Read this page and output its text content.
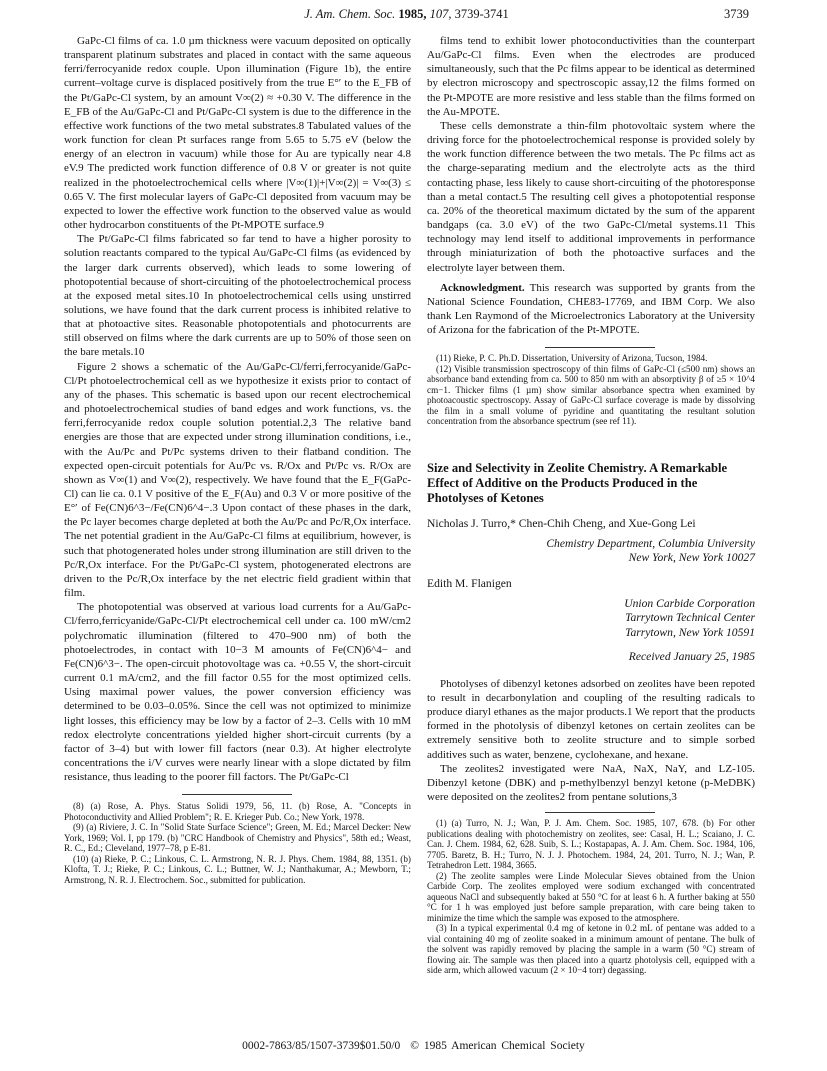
J. Am. Chem. Soc. 1985, 107, 3739-3741	3739

GaPc-Cl films of ca. 1.0 µm thickness were vacuum deposited on optically transparent platinum substrates and placed in contact with the same aqueous ferri/ferrocyanide redox couple. Upon illumination (Figure 1b), the entire current–voltage curve is displaced positively from the true E°′ to the E_FB of the Pt/GaPc-Cl system, by an amount V∞(2) ≈ +0.30 V. The difference in the E_FB of the Au/GaPc-Cl and Pt/GaPc-Cl system is due to the difference in the effective work functions of the two metal substrates.8 Tabulated values of the work function for clean Pt surfaces range from 5.65 to 5.75 eV (below the energy of an electron in vacuum) while those for Au are typically near 4.8 eV.9 The predicted work function difference of 0.8 V or greater is not quite realized in the photoelectrochemical cells where |V∞(1)|+|V∞(2)| = V∞(3) ≤ 0.65 V. The first molecular layers of GaPc-Cl deposited from vacuum may be expected to lower the effective work function to the observed value as would other hydrocarbon constituents of the Pt-MPOTE surface.9

The Pt/GaPc-Cl films fabricated so far tend to have a higher porosity to solution reactants compared to the typical Au/GaPc-Cl films (as evidenced by the larger dark currents observed), which leads to some lowering of photopotential because of short-circuiting of the photoelectrochemical process at the exposed metal sites.10 In photoelectrochemical cells using unstirred solutions, we have found that the dark current process is inhibited relative to that at photoactive sites. Reasonable photopotentials and photocurrents are still observed on films where the dark currents are up to 50% of those seen on the bare metals.10

Figure 2 shows a schematic of the Au/GaPc-Cl/ferri,ferrocyanide/GaPc-Cl/Pt photoelectrochemical cell as we hypothesize it exists prior to contact of any of the phases. This schematic is based upon our recent electrochemical and photoelectrochemical studies of band edges and work functions, vs. the ferri,ferrocyanide redox couple solution potential.2,3 The relative band energies are those that are expected under strong illumination conditions, i.e., with the Au/Pc and Pt/Pc systems driven to their flatband condition. The expected open-circuit potentials for Au/Pc vs. R/Ox and Pt/Pc vs. R/Ox are shown as V∞(1) and V∞(2), respectively. We have found that the E_F(GaPc-Cl) can lie ca. 0.1 V positive of the E_F(Au) and 0.3 V or more positive of the E°′ of Fe(CN)6^3−/Fe(CN)6^4−.3 Upon contact of these phases in the dark, the Pc layer becomes charge depleted at both the Au/Pc and Pc/R,Ox interface. The net potential gradient in the Au/GaPc-Cl films at equilibrium, however, is such that photogenerated holes under strong illumination are still driven to the Pc/R,Ox interface. For the Pt/GaPc-Cl system, photogenerated electrons are driven to the Pc/R,Ox interface by the net electric field gradient within that film.

The photopotential was observed at various load currents for a Au/GaPc-Cl/ferro,ferricyanide/GaPc-Cl/Pt electrochemical cell under ca. 100 mW/cm2 polychromatic illumination (filtered to 470–900 nm) of both the photoelectrodes, in contact with 10−3 M amounts of Fe(CN)6^4− and Fe(CN)6^3−. The open-circuit photovoltage was ca. +0.55 V, the short-circuit current 0.1 mA/cm2, and the fill factor 0.55 for the most optimized cells. Using maximal power values, the power conversion efficiency was determined to be 0.03–0.05%. Since the cell was not optimized to minimize light losses, this efficiency may be low by a factor of 2–3. Cells with 10 mM redox electrolyte concentrations yielded higher short-circuit currents (by a factor of 3–4) but with lower fill factors (near 0.3). At higher electrolyte concentrations the i/V curves were nearly linear with a slope dictated by film resistance, thus leading to the poorer fill factors. The Pt/GaPc-Cl

(8) (a) Rose, A. Phys. Status Solidi 1979, 56, 11. (b) Rose, A. "Concepts in Photoconductivity and Allied Problem"; R. E. Krieger Pub. Co.; New York, 1978.

(9) (a) Riviere, J. C. In "Solid State Surface Science"; Green, M. Ed.; Marcel Decker: New York, 1969; Vol. I, pp 179. (b) "CRC Handbook of Chemistry and Physics", 58th ed.; Weast, R. C., Ed.; Cleveland, 1977–78, p E-81.

(10) (a) Rieke, P. C.; Linkous, C. L. Armstrong, N. R. J. Phys. Chem. 1984, 88, 1351. (b) Klofta, T. J.; Rieke, P. C.; Linkous, C. L.; Buttner, W. J.; Nanthakumar, A.; Mewborn, T.; Armstrong, N. R. J. Electrochem. Soc., submitted for publication.

films tend to exhibit lower photoconductivities than the counterpart Au/GaPc-Cl films. Even when the electrodes are produced simultaneously, such that the Pc films appear to be identical as determined by electron microscopy and spectroscopic assay,12 the films formed on the Pt-MPOTE are more resistive and less stable than the films formed on the Au-MPOTE.

These cells demonstrate a thin-film photovoltaic system where the driving force for the photoelectrochemical response is provided solely by the work function difference between the two metals. The Pc films act as the charge-separating medium and the electrolyte acts as the third contacting phase, less likely to cause short-circuiting of the photoresponse than a metal contact.5 The resulting cell gives a photopotential response ca. 20% of the theoretical maximum dictated by the sum of the apparent bandgaps (ca. 3.0 eV) of the two GaPc-Cl/metal systems.11 This technology may lend itself to additional improvements in performance through miniaturization of both the photoactive surfaces and the electrolyte layer between them.

Acknowledgment. This research was supported by grants from the National Science Foundation, CHE83-17769, and IBM Corp. We also thank Len Raymond of the Microelectronics Laboratory at the University of Arizona for the fabrication of the Pt-MPOTE.

(11) Rieke, P. C. Ph.D. Dissertation, University of Arizona, Tucson, 1984.

(12) Visible transmission spectroscopy of thin films of GaPc-Cl (≤500 nm) shows an absorbance band extending from ca. 500 to 850 nm with an absorptivity β of ≥5 × 10^4 cm−1. Thicker films (1 µm) show similar absorbance spectra when examined by photoacoustic spectroscopy. Assay of GaPc-Cl surface coverage is made by dissolving the film in a small volume of pyridine and quantitating the resultant solution concentration from the absorbance spectrum (see ref 11).

Size and Selectivity in Zeolite Chemistry. A Remarkable Effect of Additive on the Products Produced in the Photolyses of Ketones

Nicholas J. Turro,* Chen-Chih Cheng, and Xue-Gong Lei

Chemistry Department, Columbia University

New York, New York 10027

Edith M. Flanigen

Union Carbide Corporation

Tarrytown Technical Center

Tarrytown, New York 10591

Received January 25, 1985

Photolyses of dibenzyl ketones adsorbed on zeolites have been repoted to result in decarbonylation and coupling of the resulting radicals to produce diaryl ethanes as the major products.1 We report that the products formed in the photolysis of dibenzyl ketones on certain zeolites can be extremely sensitive both to zeolite structure and to simple sorbed additives such as water, benzene, cyclohexane, and hexane.

The zeolites2 investigated were NaA, NaX, NaY, and LZ-105. Dibenzyl ketone (DBK) and p-methylbenzyl benzyl ketone (p-MeDBK) were deposited on the zeolites2 from pentane solutions,3

(1) (a) Turro, N. J.; Wan, P. J. Am. Chem. Soc. 1985, 107, 678. (b) For other publications dealing with photochemistry on zeolites, see: Casal, H. L.; Scaiano, J. C. Can. J. Chem. 1984, 62, 628. Suib, S. L.; Kostapapas, A. J. Am. Chem. Soc. 1984, 106, 7705. Baretz, B. H.; Turro, N. J. J. Photochem. 1984, 24, 201. Turro, N. J.; Wan, P. Tetrahedron Lett. 1984, 3665.

(2) The zeolite samples were Linde Molecular Sieves obtained from the Union Carbide Corp. The zeolites employed were sodium exchanged with concentrated aqueous NaCl and subsequently baked at 550 °C for at least 6 h. A further baking at 550 °C for 1 h was employed just before sample preparation, with care being taken to minimize the time which the sample was exposed to the atmosphere.

(3) In a typical experimental 0.4 mg of ketone in 0.2 mL of pentane was added to a vial containing 40 mg of zeolite soaked in a minimum amount of pentane. The bulk of the solvent was rapidly removed by placing the sample in a warm (50 °C) stream of flowing air. The sample was then placed into a quartz photolysis cell, equipped with a side arm, which allowed vacuum (2 × 10−4 torr) degassing.

0002-7863/85/1507-3739$01.50/0 © 1985 American Chemical Society
